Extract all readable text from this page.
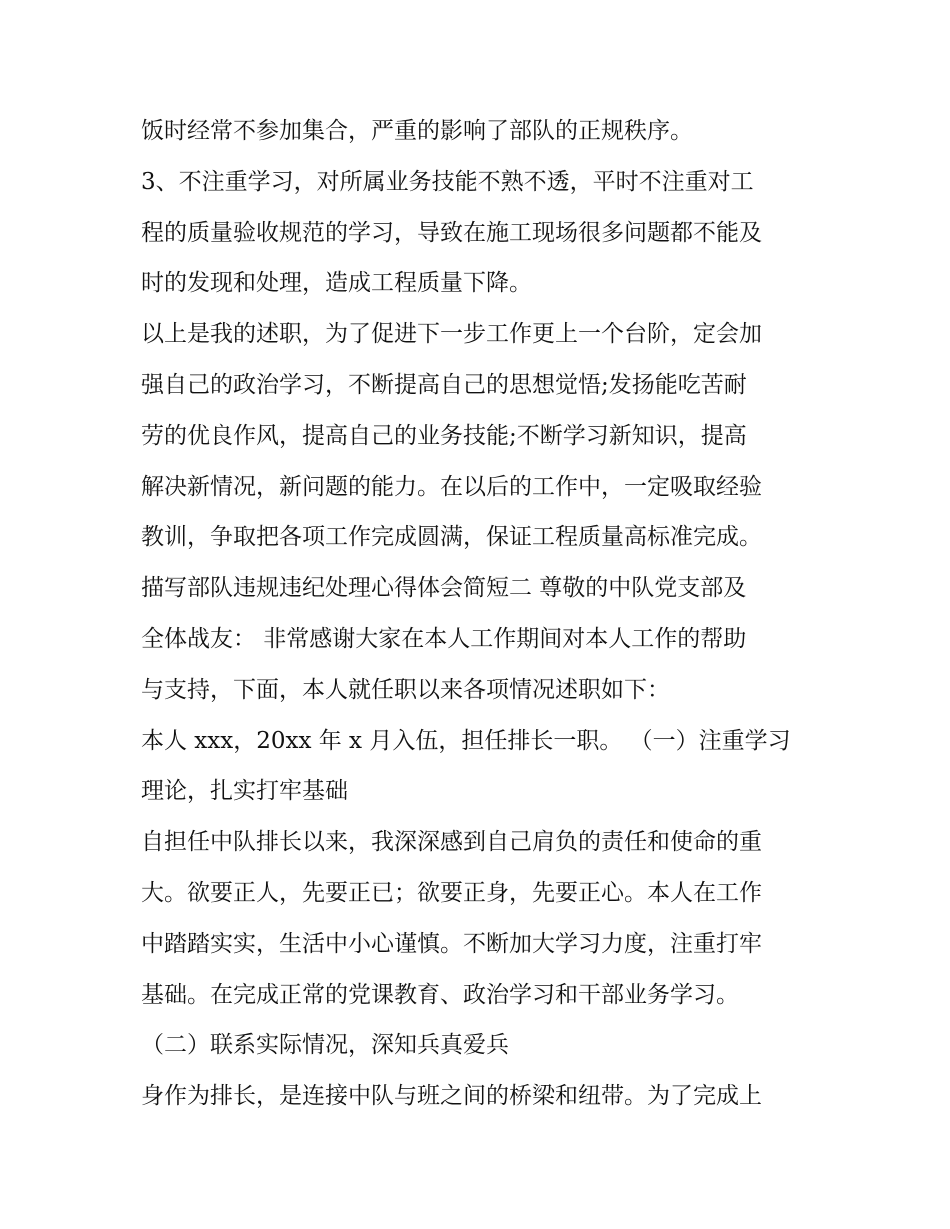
饭时经常不参加集合，严重的影响了部队的正规秩序。
3、不注重学习，对所属业务技能不熟不透，平时不注重对工
程的质量验收规范的学习，导致在施工现场很多问题都不能及
时的发现和处理，造成工程质量下降。
以上是我的述职，为了促进下一步工作更上一个台阶，定会加
强自己的政治学习，不断提高自己的思想觉悟;发扬能吃苦耐
劳的优良作风，提高自己的业务技能;不断学习新知识，提高
解决新情况，新问题的能力。在以后的工作中，一定吸取经验
教训，争取把各项工作完成圆满，保证工程质量高标准完成。
描写部队违规违纪处理心得体会简短二 尊敬的中队党支部及
全体战友： 非常感谢大家在本人工作期间对本人工作的帮助
与支持，下面，本人就任职以来各项情况述职如下：
本人 xxx，20xx 年 x 月入伍，担任排长一职。 （一）注重学习
理论，扎实打牢基础
自担任中队排长以来，我深深感到自己肩负的责任和使命的重
大。欲要正人，先要正已；欲要正身，先要正心。本人在工作
中踏踏实实，生活中小心谨慎。不断加大学习力度，注重打牢
基础。在完成正常的党课教育、政治学习和干部业务学习。
（二）联系实际情况，深知兵真爱兵
身作为排长，是连接中队与班之间的桥梁和纽带。为了完成上
